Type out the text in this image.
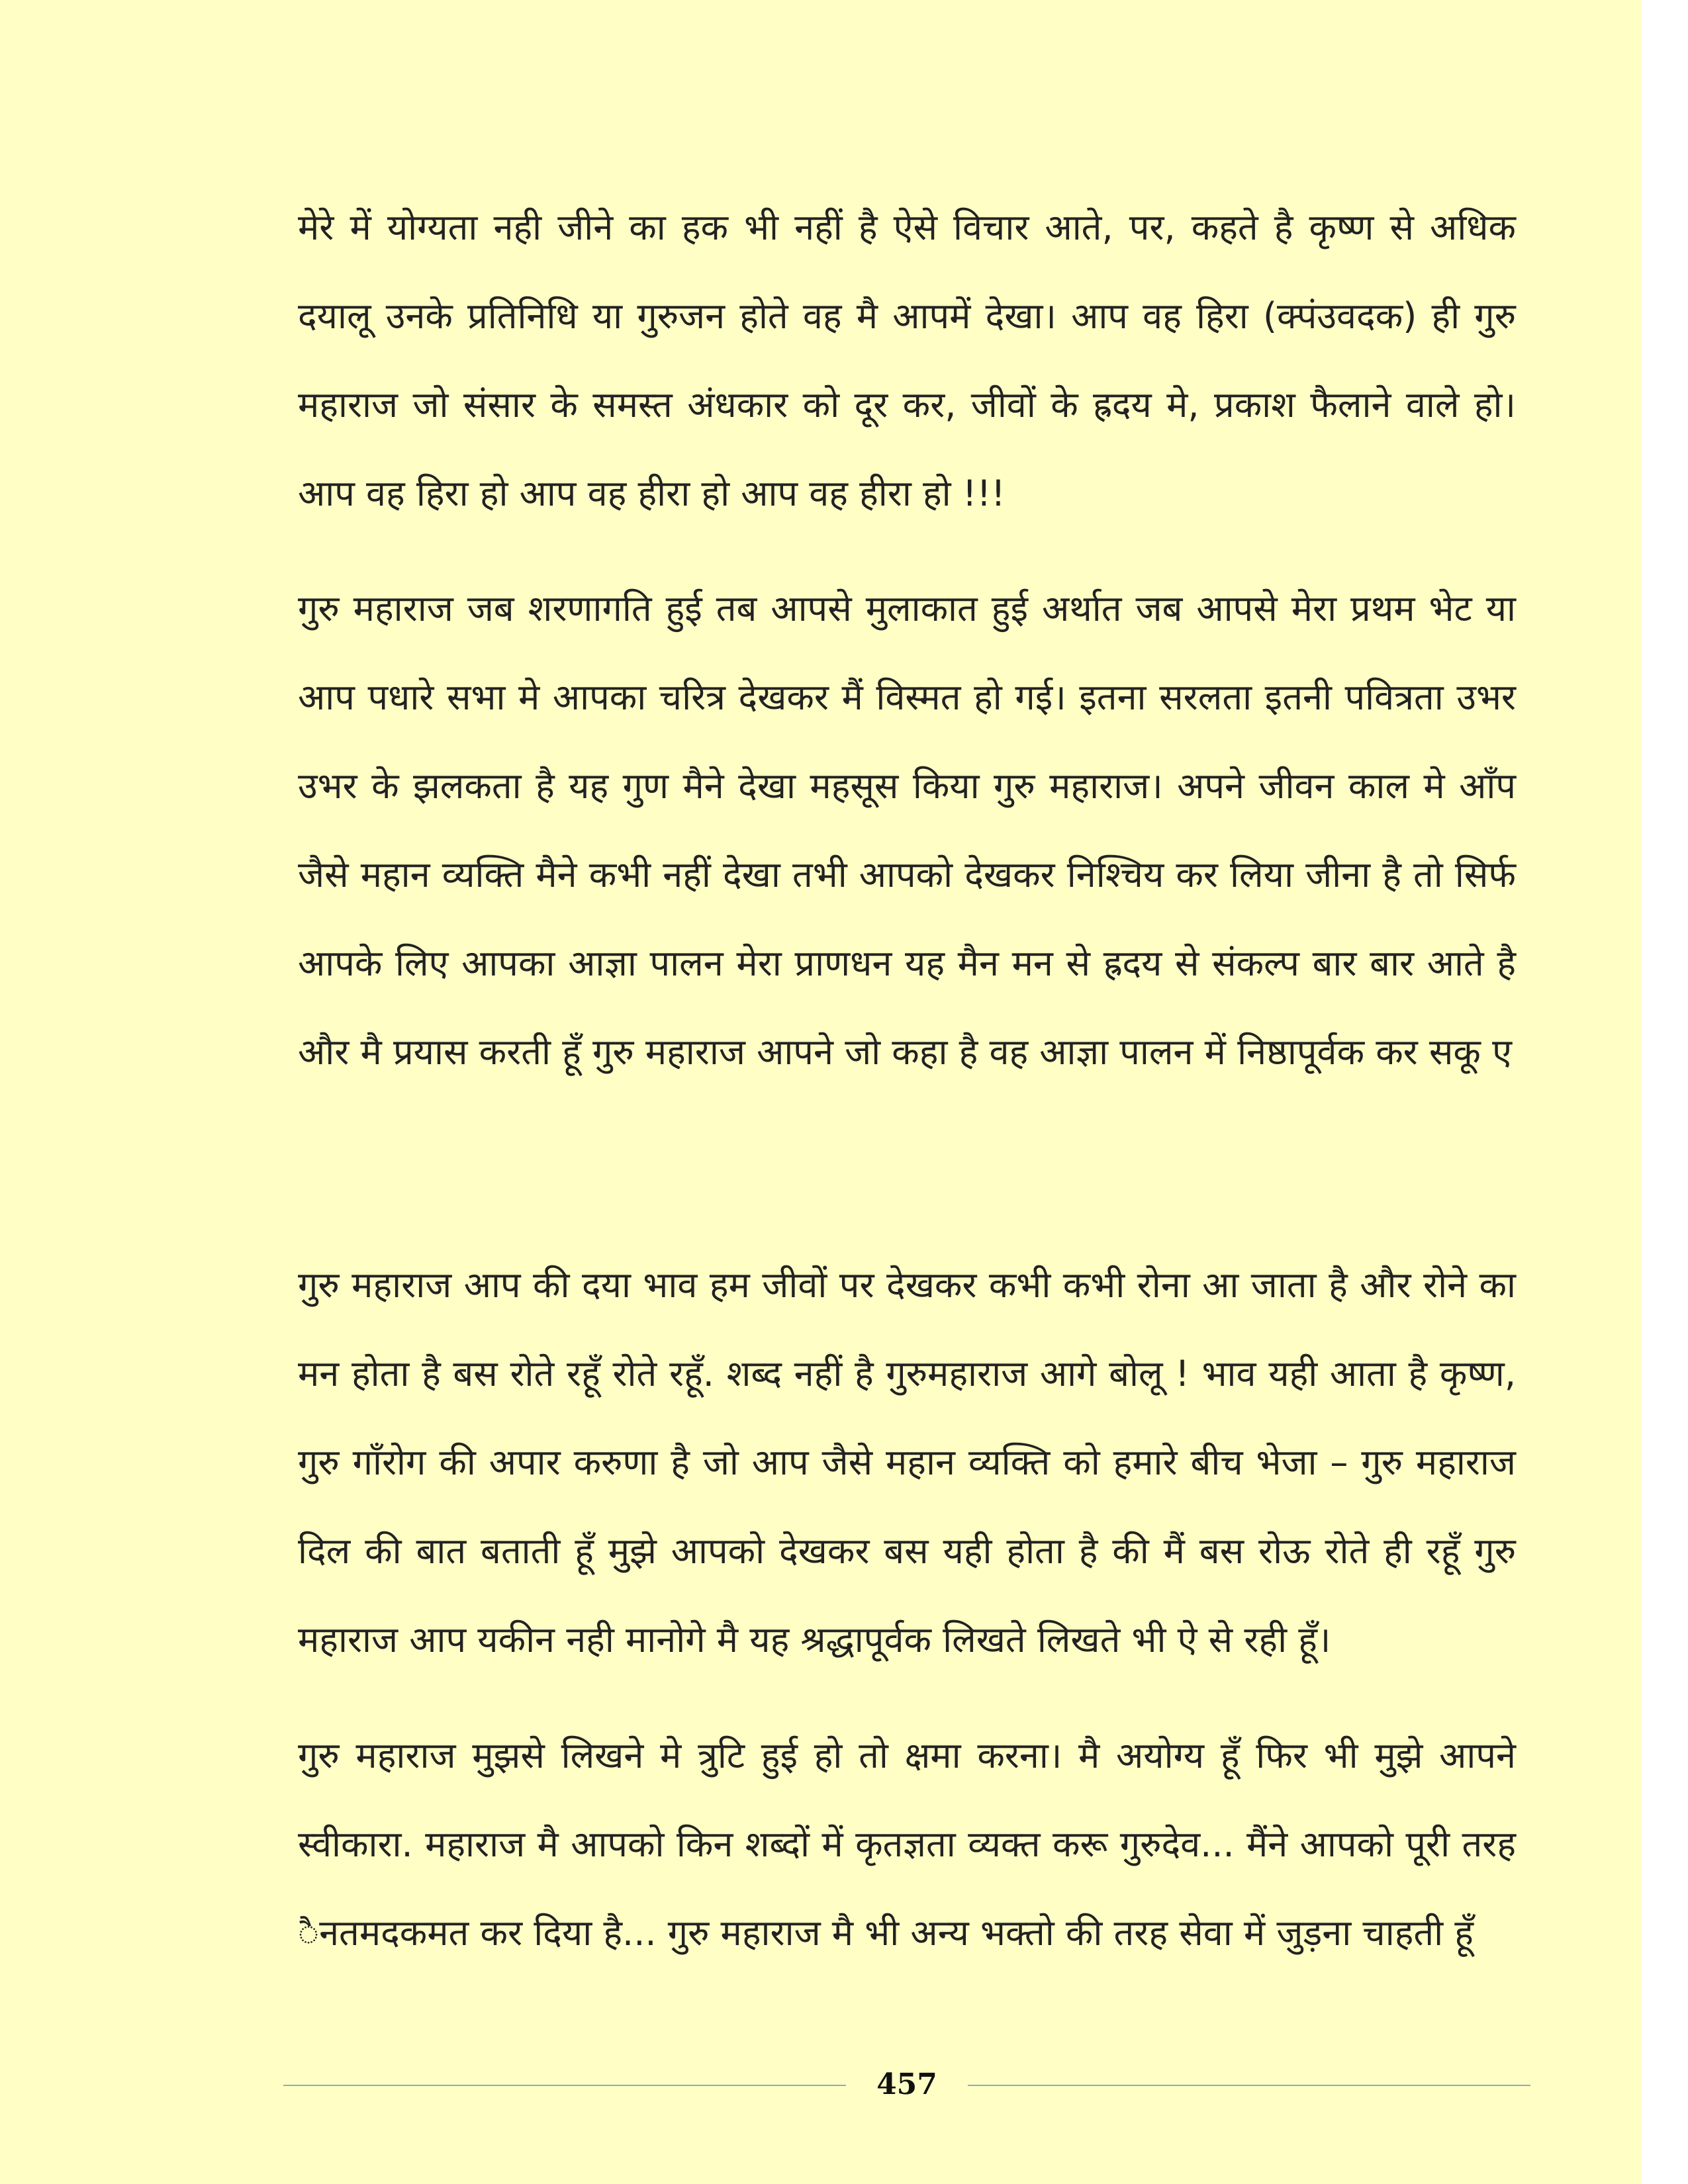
मेरे में योग्यता नही जीने का हक भी नहीं है ऐसे विचार आते, पर, कहते है कृष्ण से अधिक दयालू उनके प्रतिनिधि या गुरुजन होते वह मै आपमें देखा। आप वह हिरा (क्पंउवदक) ही गुरु महाराज जो संसार के समस्त अंधकार को दूर कर, जीवों के ह्रदय मे, प्रकाश फैलाने वाले हो। आप वह हिरा हो आप वह हीरा हो आप वह हीरा हो !!!

गुरु महाराज जब शरणागति हुई तब आपसे मुलाकात हुई अर्थात जब आपसे मेरा प्रथम भेट या आप पधारे सभा मे आपका चरित्र देखकर मैं विस्मत हो गई। इतना सरलता इतनी पवित्रता उभर उभर के झलकता है यह गुण मैने देखा महसूस किया गुरु महाराज। अपने जीवन काल मे आँप जैसे महान व्यक्ति मैने कभी नहीं देखा तभी आपको देखकर निश्चिय कर लिया जीना है तो सिर्फ आपके लिए आपका आज्ञा पालन मेरा प्राणधन यह मैन मन से ह्रदय से संकल्प बार बार आते है और मै प्रयास करती हूँ गुरु महाराज आपने जो कहा है वह आज्ञा पालन में निष्ठापूर्वक कर सकू ए

गुरु महाराज आप की दया भाव हम जीवों पर देखकर कभी कभी रोना आ जाता है और रोने का मन होता है बस रोते रहूँ रोते रहूँ. शब्द नहीं है गुरुमहाराज आगे बोलू ! भाव यही आता है कृष्ण, गुरु गाँरोग की अपार करुणा है जो आप जैसे महान व्यक्ति को हमारे बीच भेजा – गुरु महाराज दिल की बात बताती हूँ मुझे आपको देखकर बस यही होता है की मैं बस रोऊ रोते ही रहूँ गुरु महाराज आप यकीन नही मानोगे मै यह श्रद्धापूर्वक लिखते लिखते भी ऐ से रही हूँ।

गुरु महाराज मुझसे लिखने मे त्रुटि हुई हो तो क्षमा करना। मै अयोग्य हूँ फिर भी मुझे आपने स्वीकारा. महाराज मै आपको किन शब्दों में कृतज्ञता व्यक्त करू गुरुदेव... मैंने आपको पूरी तरह ैनतमदकमत कर दिया है... गुरु महाराज मै भी अन्य भक्तो की तरह सेवा में जुड़ना चाहती हूँ

457
